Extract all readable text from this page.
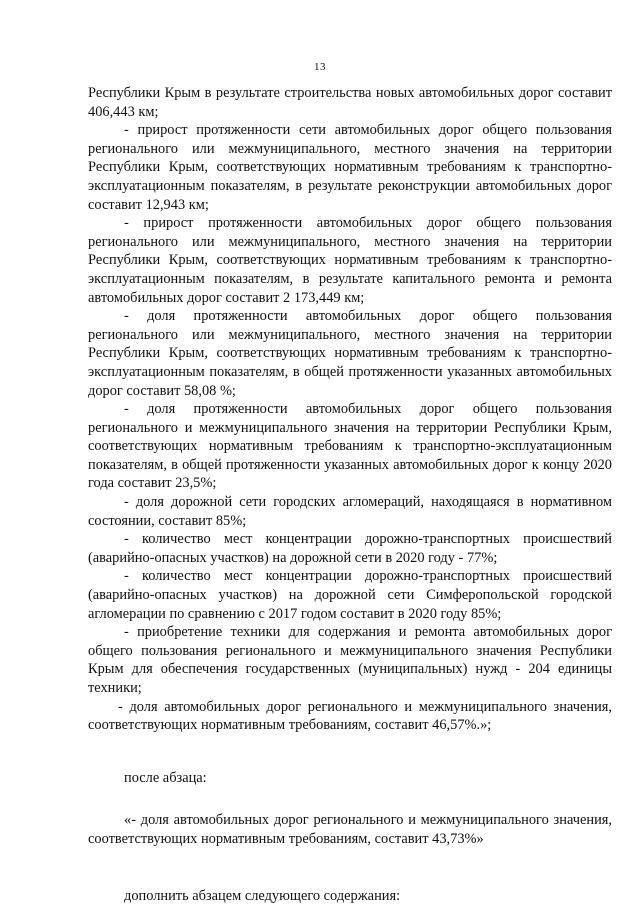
13

Республики Крым в результате строительства новых автомобильных дорог составит 406,443 км;

- прирост протяженности сети автомобильных дорог общего пользования регионального или межмуниципального, местного значения на территории Республики Крым, соответствующих нормативным требованиям к транспортно-эксплуатационным показателям, в результате реконструкции автомобильных дорог составит 12,943 км;

- прирост протяженности автомобильных дорог общего пользования регионального или межмуниципального, местного значения на территории Республики Крым, соответствующих нормативным требованиям к транспортно-эксплуатационным показателям, в результате капитального ремонта и ремонта автомобильных дорог составит 2 173,449 км;

- доля протяженности автомобильных дорог общего пользования регионального или межмуниципального, местного значения на территории Республики Крым, соответствующих нормативным требованиям к транспортно-эксплуатационным показателям, в общей протяженности указанных автомобильных дорог составит 58,08 %;

- доля протяженности автомобильных дорог общего пользования регионального и межмуниципального значения на территории Республики Крым, соответствующих нормативным требованиям к транспортно-эксплуатационным показателям, в общей протяженности указанных автомобильных дорог к концу 2020 года составит 23,5%;

- доля дорожной сети городских агломераций, находящаяся в нормативном состоянии, составит 85%;

- количество мест концентрации дорожно-транспортных происшествий (аварийно-опасных участков) на дорожной сети в 2020 году - 77%;

- количество мест концентрации дорожно-транспортных происшествий (аварийно-опасных участков) на дорожной сети Симферопольской городской агломерации по сравнению с 2017 годом составит в 2020 году 85%;

- приобретение техники для содержания и ремонта автомобильных дорог общего пользования регионального и межмуниципального значения Республики Крым для обеспечения государственных (муниципальных) нужд - 204 единицы техники;

- доля автомобильных дорог регионального и межмуниципального значения, соответствующих нормативным требованиям, составит 46,57%.»;

после абзаца:

«- доля автомобильных дорог регионального и межмуниципального значения, соответствующих нормативным требованиям, составит 43,73%»

дополнить абзацем следующего содержания:
